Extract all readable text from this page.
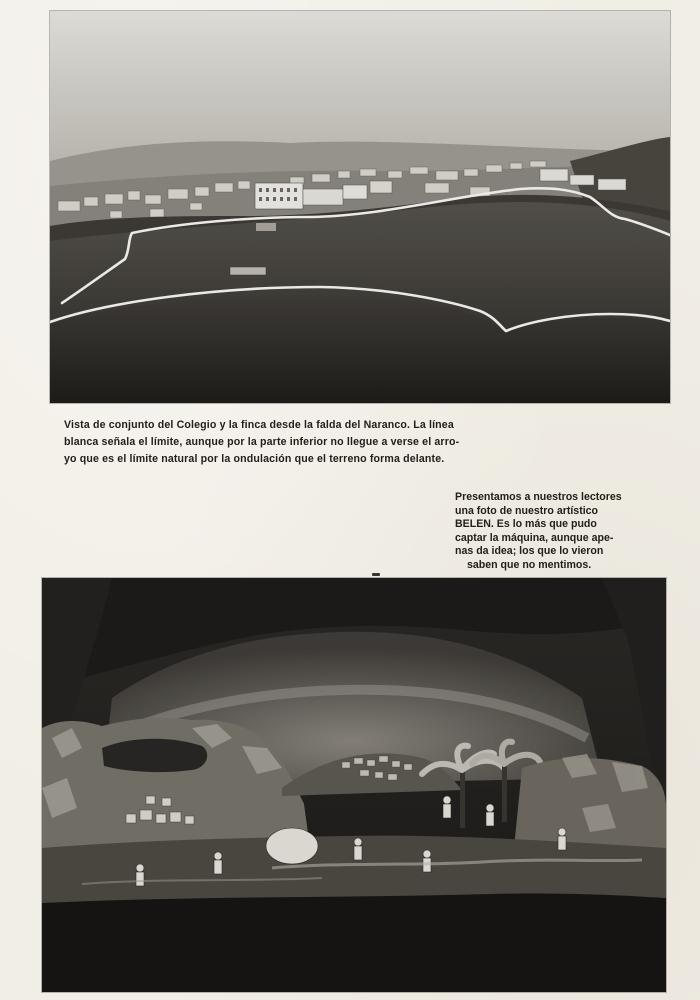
Vista de conjunto del Colegio y la finca desde la falda del Naranco. La línea
blanca señala el límite, aunque por la parte inferior no llegue a verse el arro-
yo que es el límite natural por la ondulación que el terreno forma delante.
Presentamos a nuestros lectores
una foto de nuestro artístico
BELEN. Es lo más que pudo
captar la máquina, aunque ape-
nas da idea; los que lo vieron
saben que no mentimos.
